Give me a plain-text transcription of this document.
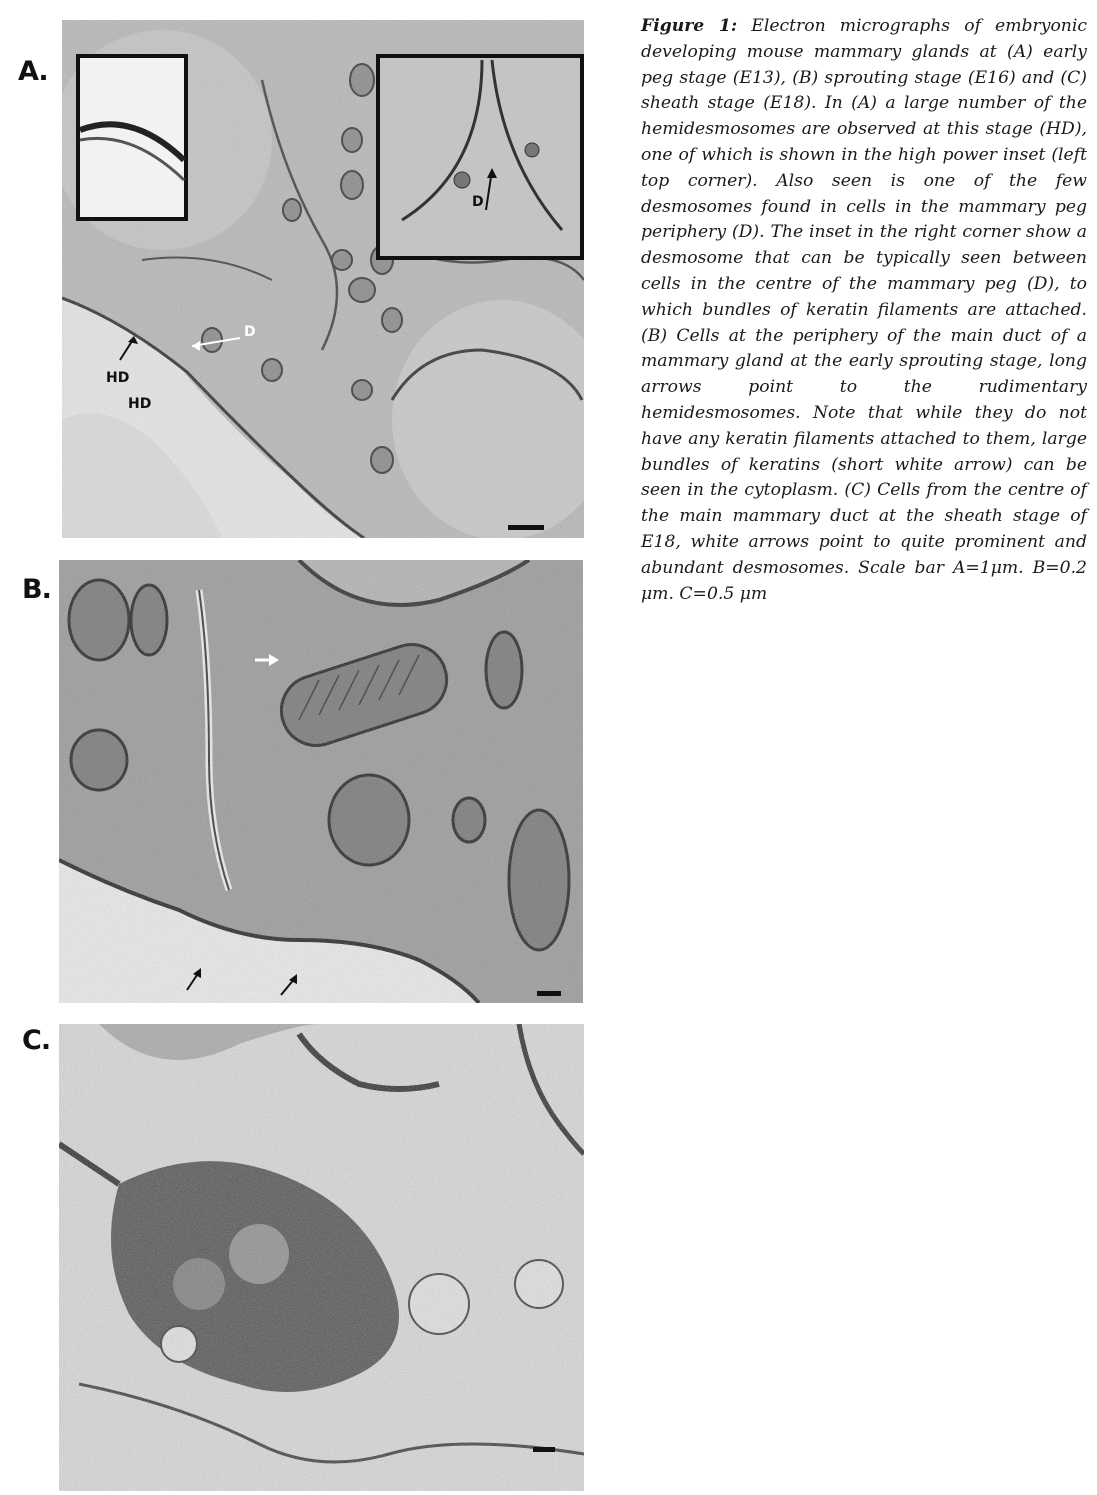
A.
B.
C.
HD
HD
D
D
Figure 1: Electron micrographs of embryonic developing mouse mammary glands at (A) early peg stage (E13), (B) sprouting stage (E16) and (C) sheath stage (E18). In (A) a large number of the hemidesmosomes are observed at this stage (HD), one of which is shown in the high power inset (left top corner). Also seen is one of the few desmosomes found in cells in the mammary peg periphery (D). The inset in the right corner show a desmosome that can be typically seen between cells in the centre of the mammary peg (D), to which bundles of keratin filaments are attached. (B) Cells at the periphery of the main duct of a mammary gland at the early sprouting stage, long arrows point to the rudimentary hemidesmosomes. Note that while they do not have any keratin filaments attached to them, large bundles of keratins (short white arrow) can be seen in the cytoplasm. (C) Cells from the centre of the main mammary duct at the sheath stage of E18, white arrows point to quite prominent and abundant desmosomes. Scale bar A=1μm. B=0.2 μm. C=0.5 μm
